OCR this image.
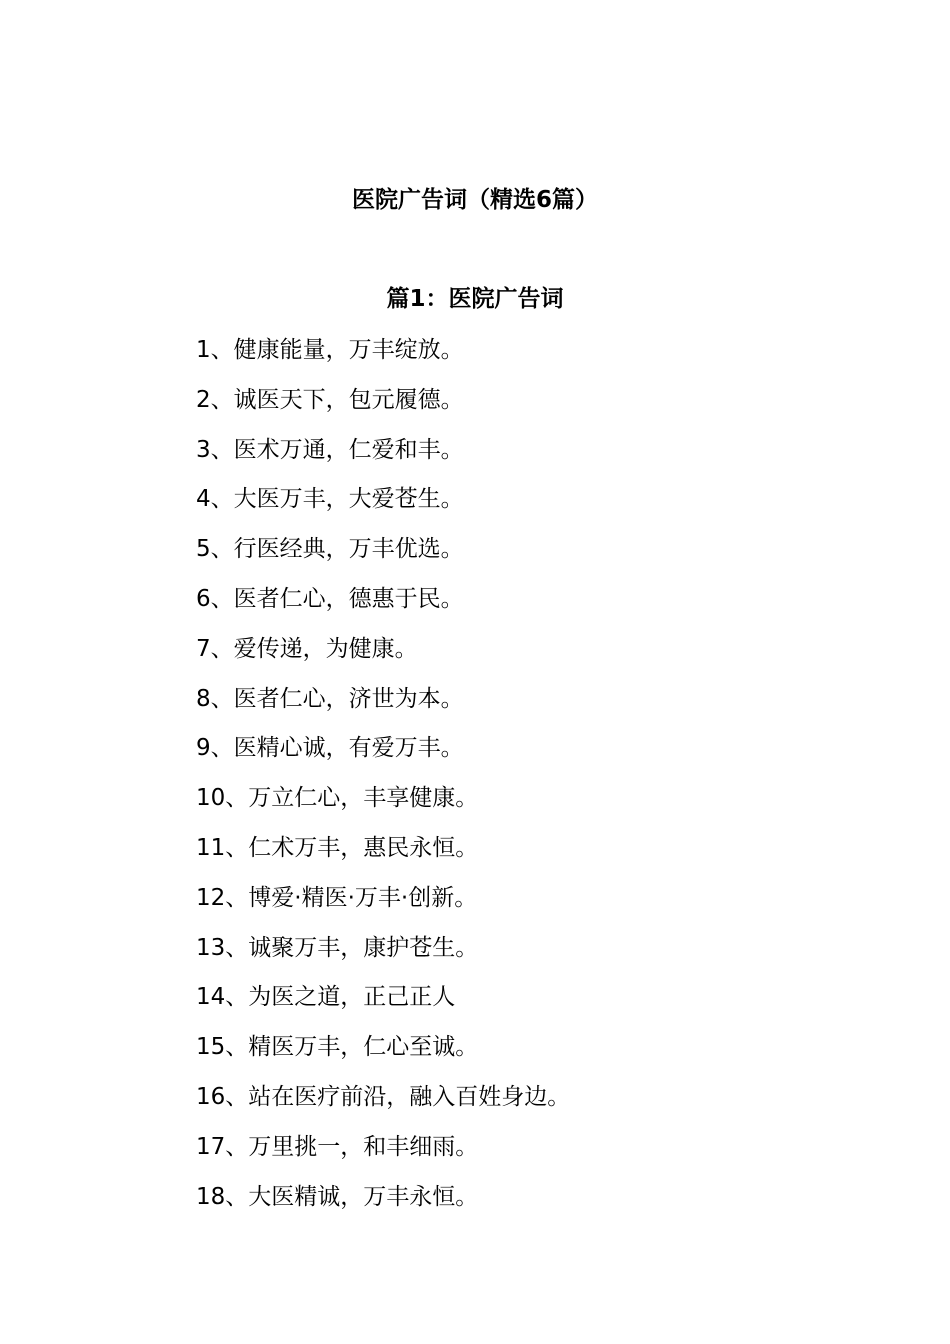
医院广告词（精选6篇）
篇1：医院广告词
1、健康能量，万丰绽放。
2、诚医天下，包元履德。
3、医术万通，仁爱和丰。
4、大医万丰，大爱苍生。
5、行医经典，万丰优选。
6、医者仁心，德惠于民。
7、爱传递，为健康。
8、医者仁心，济世为本。
9、医精心诚，有爱万丰。
10、万立仁心，丰享健康。
11、仁术万丰，惠民永恒。
12、博爱·精医·万丰·创新。
13、诚聚万丰，康护苍生。
14、为医之道，正己正人
15、精医万丰，仁心至诚。
16、站在医疗前沿，融入百姓身边。
17、万里挑一，和丰细雨。
18、大医精诚，万丰永恒。
